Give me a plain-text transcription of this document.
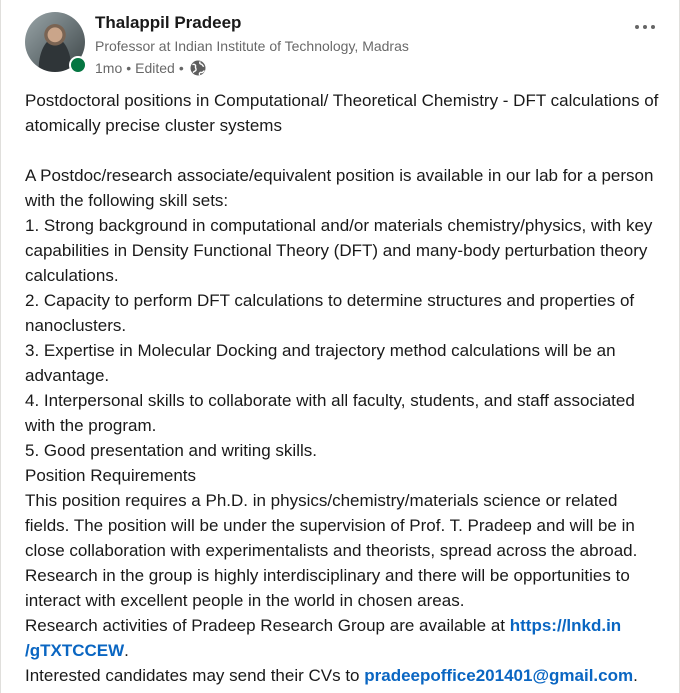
Thalappil Pradeep
Professor at Indian Institute of Technology, Madras
1mo • Edited •

Postdoctoral positions in Computational/ Theoretical Chemistry - DFT calculations of atomically precise cluster systems

A Postdoc/research associate/equivalent position is available in our lab for a person with the following skill sets:

1. Strong background in computational and/or materials chemistry/physics, with key capabilities in Density Functional Theory (DFT) and many-body perturbation theory calculations.

2. Capacity to perform DFT calculations to determine structures and properties of nanoclusters.

3. Expertise in Molecular Docking and trajectory method calculations will be an advantage.

4. Interpersonal skills to collaborate with all faculty, students, and staff associated with the program.

5. Good presentation and writing skills.

Position Requirements

This position requires a Ph.D. in physics/chemistry/materials science or related fields. The position will be under the supervision of Prof. T. Pradeep and will be in close collaboration with experimentalists and theorists, spread across the abroad. Research in the group is highly interdisciplinary and there will be opportunities to interact with excellent people in the world in chosen areas.

Research activities of Pradeep Research Group are available at https://lnkd.in
/gTXTCCEW.

Interested candidates may send their CVs to pradeepoffice201401@gmail.com.
